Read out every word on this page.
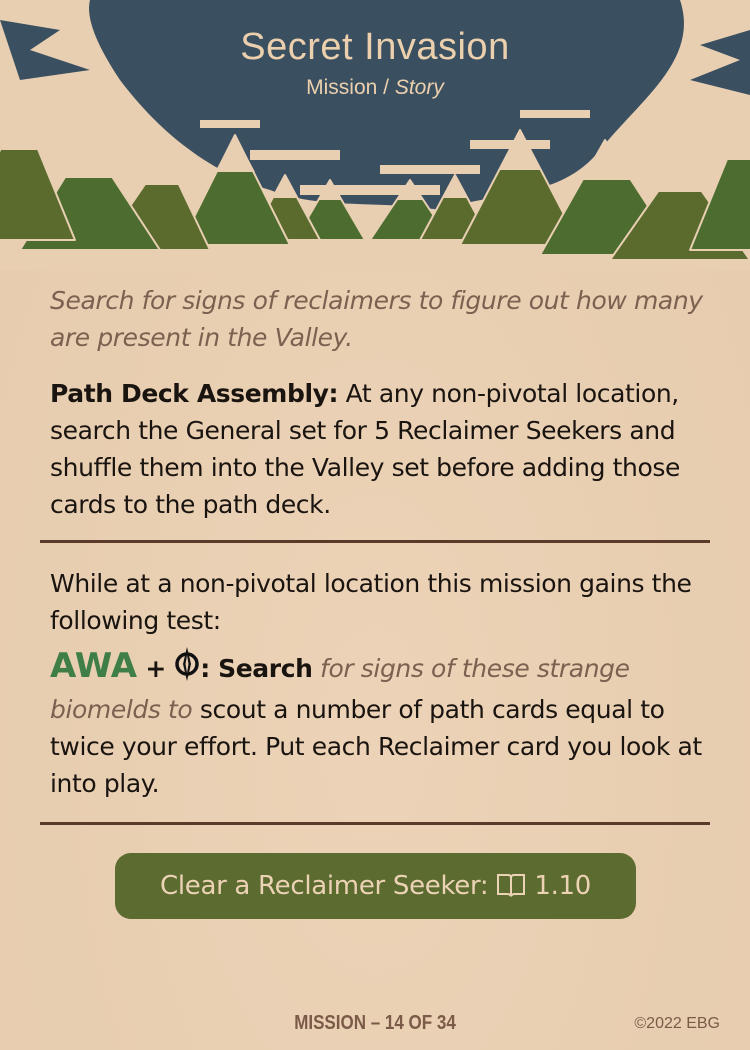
Secret Invasion
Mission / Story
Search for signs of reclaimers to figure out how many are present in the Valley.
Path Deck Assembly: At any non-pivotal location, search the General set for 5 Reclaimer Seekers and shuffle them into the Valley set before adding those cards to the path deck.
While at a non-pivotal location this mission gains the following test:
AWA + : Search for signs of these strange biomelds to scout a number of path cards equal to twice your effort. Put each Reclaimer card you look at into play.
Clear a Reclaimer Seeker: 1.10
MISSION – 14 OF 34	©2022 EBG
